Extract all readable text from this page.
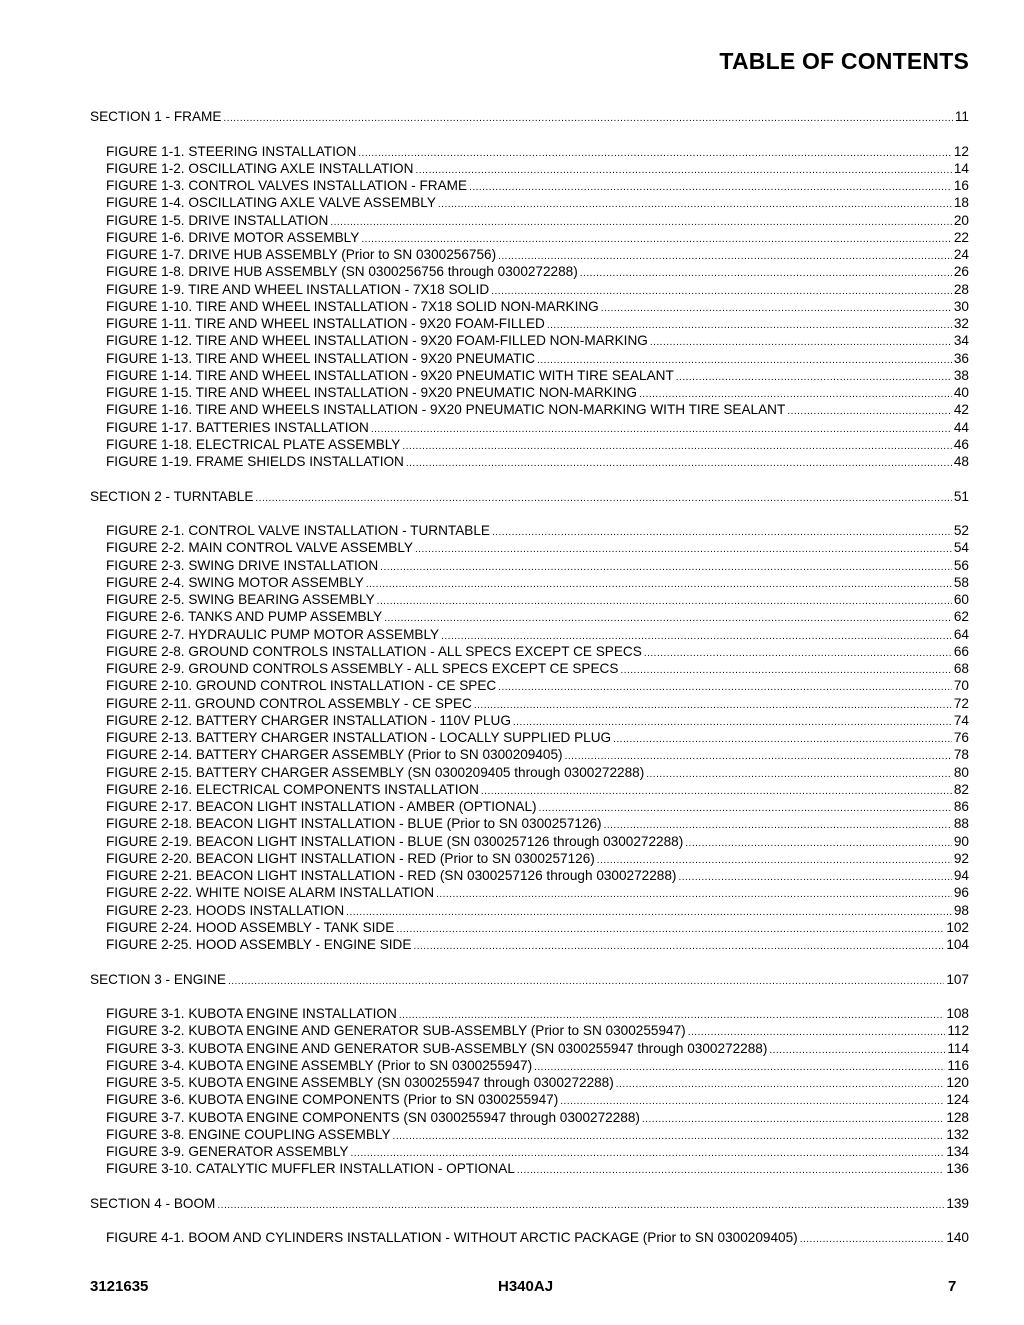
TABLE OF CONTENTS
SECTION 1 - FRAME .....	11
FIGURE 1-1. STEERING INSTALLATION .....	12
FIGURE 1-2. OSCILLATING AXLE INSTALLATION .....	14
FIGURE 1-3. CONTROL VALVES INSTALLATION - FRAME .....	16
FIGURE 1-4. OSCILLATING AXLE VALVE ASSEMBLY .....	18
FIGURE 1-5. DRIVE INSTALLATION .....	20
FIGURE 1-6. DRIVE MOTOR ASSEMBLY .....	22
FIGURE 1-7. DRIVE HUB ASSEMBLY (Prior to SN 0300256756) .....	24
FIGURE 1-8. DRIVE HUB ASSEMBLY (SN 0300256756 through 0300272288) .....	26
FIGURE 1-9. TIRE AND WHEEL INSTALLATION - 7X18 SOLID .....	28
FIGURE 1-10. TIRE AND WHEEL INSTALLATION - 7X18 SOLID NON-MARKING .....	30
FIGURE 1-11. TIRE AND WHEEL INSTALLATION - 9X20 FOAM-FILLED .....	32
FIGURE 1-12. TIRE AND WHEEL INSTALLATION - 9X20 FOAM-FILLED NON-MARKING .....	34
FIGURE 1-13. TIRE AND WHEEL INSTALLATION - 9X20 PNEUMATIC .....	36
FIGURE 1-14. TIRE AND WHEEL INSTALLATION - 9X20 PNEUMATIC WITH TIRE SEALANT .....	38
FIGURE 1-15. TIRE AND WHEEL INSTALLATION - 9X20 PNEUMATIC NON-MARKING .....	40
FIGURE 1-16. TIRE AND WHEELS INSTALLATION - 9X20 PNEUMATIC NON-MARKING WITH TIRE SEALANT .....	42
FIGURE 1-17. BATTERIES INSTALLATION .....	44
FIGURE 1-18. ELECTRICAL PLATE ASSEMBLY .....	46
FIGURE 1-19. FRAME SHIELDS INSTALLATION .....	48
SECTION 2 - TURNTABLE .....	51
FIGURE 2-1. CONTROL VALVE INSTALLATION - TURNTABLE .....	52
FIGURE 2-2. MAIN CONTROL VALVE ASSEMBLY .....	54
FIGURE 2-3. SWING DRIVE INSTALLATION .....	56
FIGURE 2-4. SWING MOTOR ASSEMBLY .....	58
FIGURE 2-5. SWING BEARING ASSEMBLY .....	60
FIGURE 2-6. TANKS AND PUMP ASSEMBLY .....	62
FIGURE 2-7. HYDRAULIC PUMP MOTOR ASSEMBLY .....	64
FIGURE 2-8. GROUND CONTROLS INSTALLATION - ALL SPECS EXCEPT CE SPECS .....	66
FIGURE 2-9. GROUND CONTROLS ASSEMBLY - ALL SPECS EXCEPT CE SPECS .....	68
FIGURE 2-10. GROUND CONTROL INSTALLATION - CE SPEC .....	70
FIGURE 2-11. GROUND CONTROL ASSEMBLY - CE SPEC .....	72
FIGURE 2-12. BATTERY CHARGER INSTALLATION - 110V PLUG .....	74
FIGURE 2-13. BATTERY CHARGER INSTALLATION - LOCALLY SUPPLIED PLUG .....	76
FIGURE 2-14. BATTERY CHARGER ASSEMBLY (Prior to SN 0300209405) .....	78
FIGURE 2-15. BATTERY CHARGER ASSEMBLY (SN 0300209405 through 0300272288) .....	80
FIGURE 2-16. ELECTRICAL COMPONENTS INSTALLATION .....	82
FIGURE 2-17. BEACON LIGHT INSTALLATION - AMBER (OPTIONAL) .....	86
FIGURE 2-18. BEACON LIGHT INSTALLATION - BLUE (Prior to SN 0300257126) .....	88
FIGURE 2-19. BEACON LIGHT INSTALLATION - BLUE (SN 0300257126 through 0300272288) .....	90
FIGURE 2-20. BEACON LIGHT INSTALLATION - RED (Prior to SN 0300257126) .....	92
FIGURE 2-21. BEACON LIGHT INSTALLATION - RED (SN 0300257126 through 0300272288) .....	94
FIGURE 2-22. WHITE NOISE ALARM INSTALLATION .....	96
FIGURE 2-23. HOODS INSTALLATION .....	98
FIGURE 2-24. HOOD ASSEMBLY - TANK SIDE .....	102
FIGURE 2-25. HOOD ASSEMBLY - ENGINE SIDE .....	104
SECTION 3 - ENGINE .....	107
FIGURE 3-1. KUBOTA ENGINE INSTALLATION .....	108
FIGURE 3-2. KUBOTA ENGINE AND GENERATOR SUB-ASSEMBLY (Prior to SN 0300255947) .....	112
FIGURE 3-3. KUBOTA ENGINE AND GENERATOR SUB-ASSEMBLY (SN 0300255947 through 0300272288) .....	114
FIGURE 3-4. KUBOTA ENGINE ASSEMBLY (Prior to SN 0300255947) .....	116
FIGURE 3-5. KUBOTA ENGINE ASSEMBLY (SN 0300255947 through 0300272288) .....	120
FIGURE 3-6. KUBOTA ENGINE COMPONENTS (Prior to SN 0300255947) .....	124
FIGURE 3-7. KUBOTA ENGINE COMPONENTS (SN 0300255947 through 0300272288) .....	128
FIGURE 3-8. ENGINE COUPLING ASSEMBLY .....	132
FIGURE 3-9. GENERATOR ASSEMBLY .....	134
FIGURE 3-10. CATALYTIC MUFFLER INSTALLATION - OPTIONAL .....	136
SECTION 4 - BOOM .....	139
FIGURE 4-1. BOOM AND CYLINDERS INSTALLATION - WITHOUT ARCTIC PACKAGE (Prior to SN 0300209405) .....	140
3121635	H340AJ	7
